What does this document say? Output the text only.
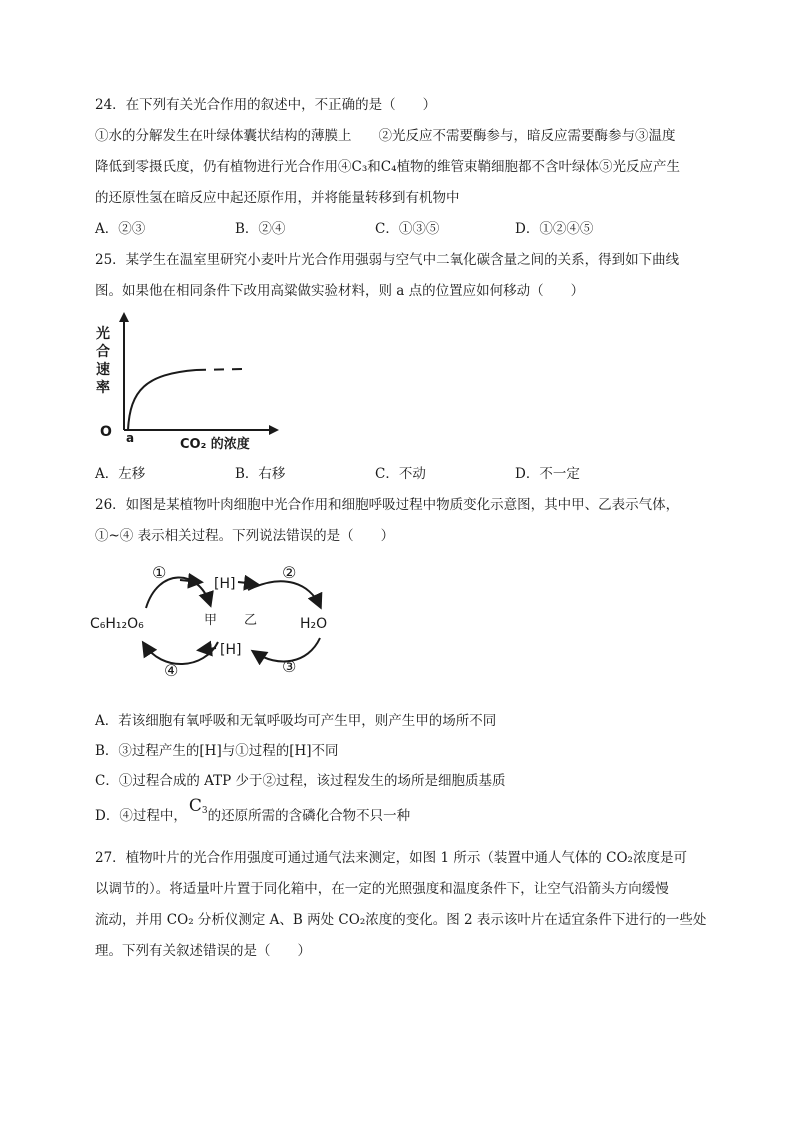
24．在下列有关光合作用的叙述中，不正确的是（　　）
①水的分解发生在叶绿体囊状结构的薄膜上　　②光反应不需要酶参与，暗反应需要酶参与③温度
降低到零摄氏度，仍有植物进行光合作用④C₃和C₄植物的维管束鞘细胞都不含叶绿体⑤光反应产生
的还原性氢在暗反应中起还原作用，并将能量转移到有机物中
A．②③	B．②④	C．①③⑤	D．①②④⑤
25．某学生在温室里研究小麦叶片光合作用强弱与空气中二氧化碳含量之间的关系，得到如下曲线
图。如果他在相同条件下改用高粱做实验材料，则 a 点的位置应如何移动（　　）
光
合
速
率
O a	CO₂ 的浓度
A．左移	B．右移	C．不动	D．不一定
26．如图是某植物叶肉细胞中光合作用和细胞呼吸过程中物质变化示意图，其中甲、乙表示气体，
①~④ 表示相关过程。下列说法错误的是（　　）
C₆H₁₂O₆	H₂O
[H]
[H]
甲 乙
①	②
③
④
A．若该细胞有氧呼吸和无氧呼吸均可产生甲，则产生甲的场所不同
B．③过程产生的[H]与①过程的[H]不同
C．①过程合成的 ATP 少于②过程，该过程发生的场所是细胞质基质
D．④过程中， $C_3$的还原所需的含磷化合物不只一种
27．植物叶片的光合作用强度可通过通气法来测定，如图 1 所示（装置中通人气体的 CO₂浓度是可
以调节的）。将适量叶片置于同化箱中，在一定的光照强度和温度条件下，让空气沿箭头方向缓慢
流动，并用 CO₂ 分析仪测定 A、B 两处 CO₂浓度的变化。图 2 表示该叶片在适宜条件下进行的一些处
理。下列有关叙述错误的是（　　）
